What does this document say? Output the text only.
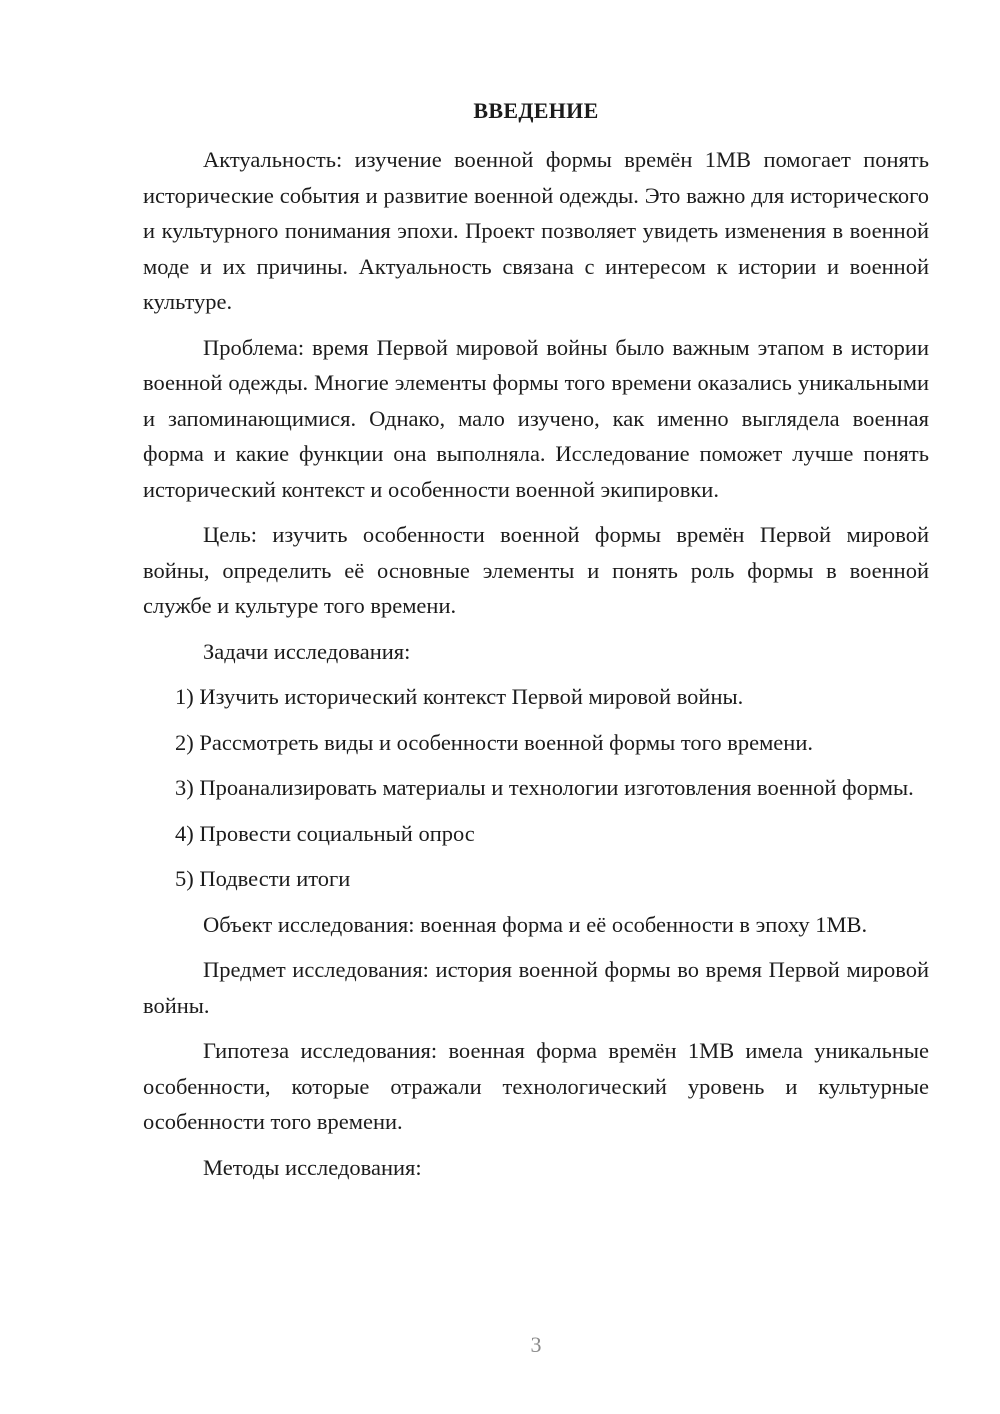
ВВЕДЕНИЕ

Актуальность: изучение военной формы времён 1МВ помогает понять исторические события и развитие военной одежды. Это важно для исторического и культурного понимания эпохи. Проект позволяет увидеть изменения в военной моде и их причины. Актуальность связана с интересом к истории и военной культуре.

Проблема: время Первой мировой войны было важным этапом в истории военной одежды. Многие элементы формы того времени оказались уникальными и запоминающимися. Однако, мало изучено, как именно выглядела военная форма и какие функции она выполняла. Исследование поможет лучше понять исторический контекст и особенности военной экипировки.

Цель: изучить особенности военной формы времён Первой мировой войны, определить её основные элементы и понять роль формы в военной службе и культуре того времени.

Задачи исследования:

1) Изучить исторический контекст Первой мировой войны.

2) Рассмотреть виды и особенности военной формы того времени.

3) Проанализировать материалы и технологии изготовления военной формы.

4) Провести социальный опрос

5) Подвести итоги

Объект исследования: военная форма и её особенности в эпоху 1МВ.

Предмет исследования: история военной формы во время Первой мировой войны.

Гипотеза исследования: военная форма времён 1МВ имела уникальные особенности, которые отражали технологический уровень и культурные особенности того времени.

Методы исследования:

3
